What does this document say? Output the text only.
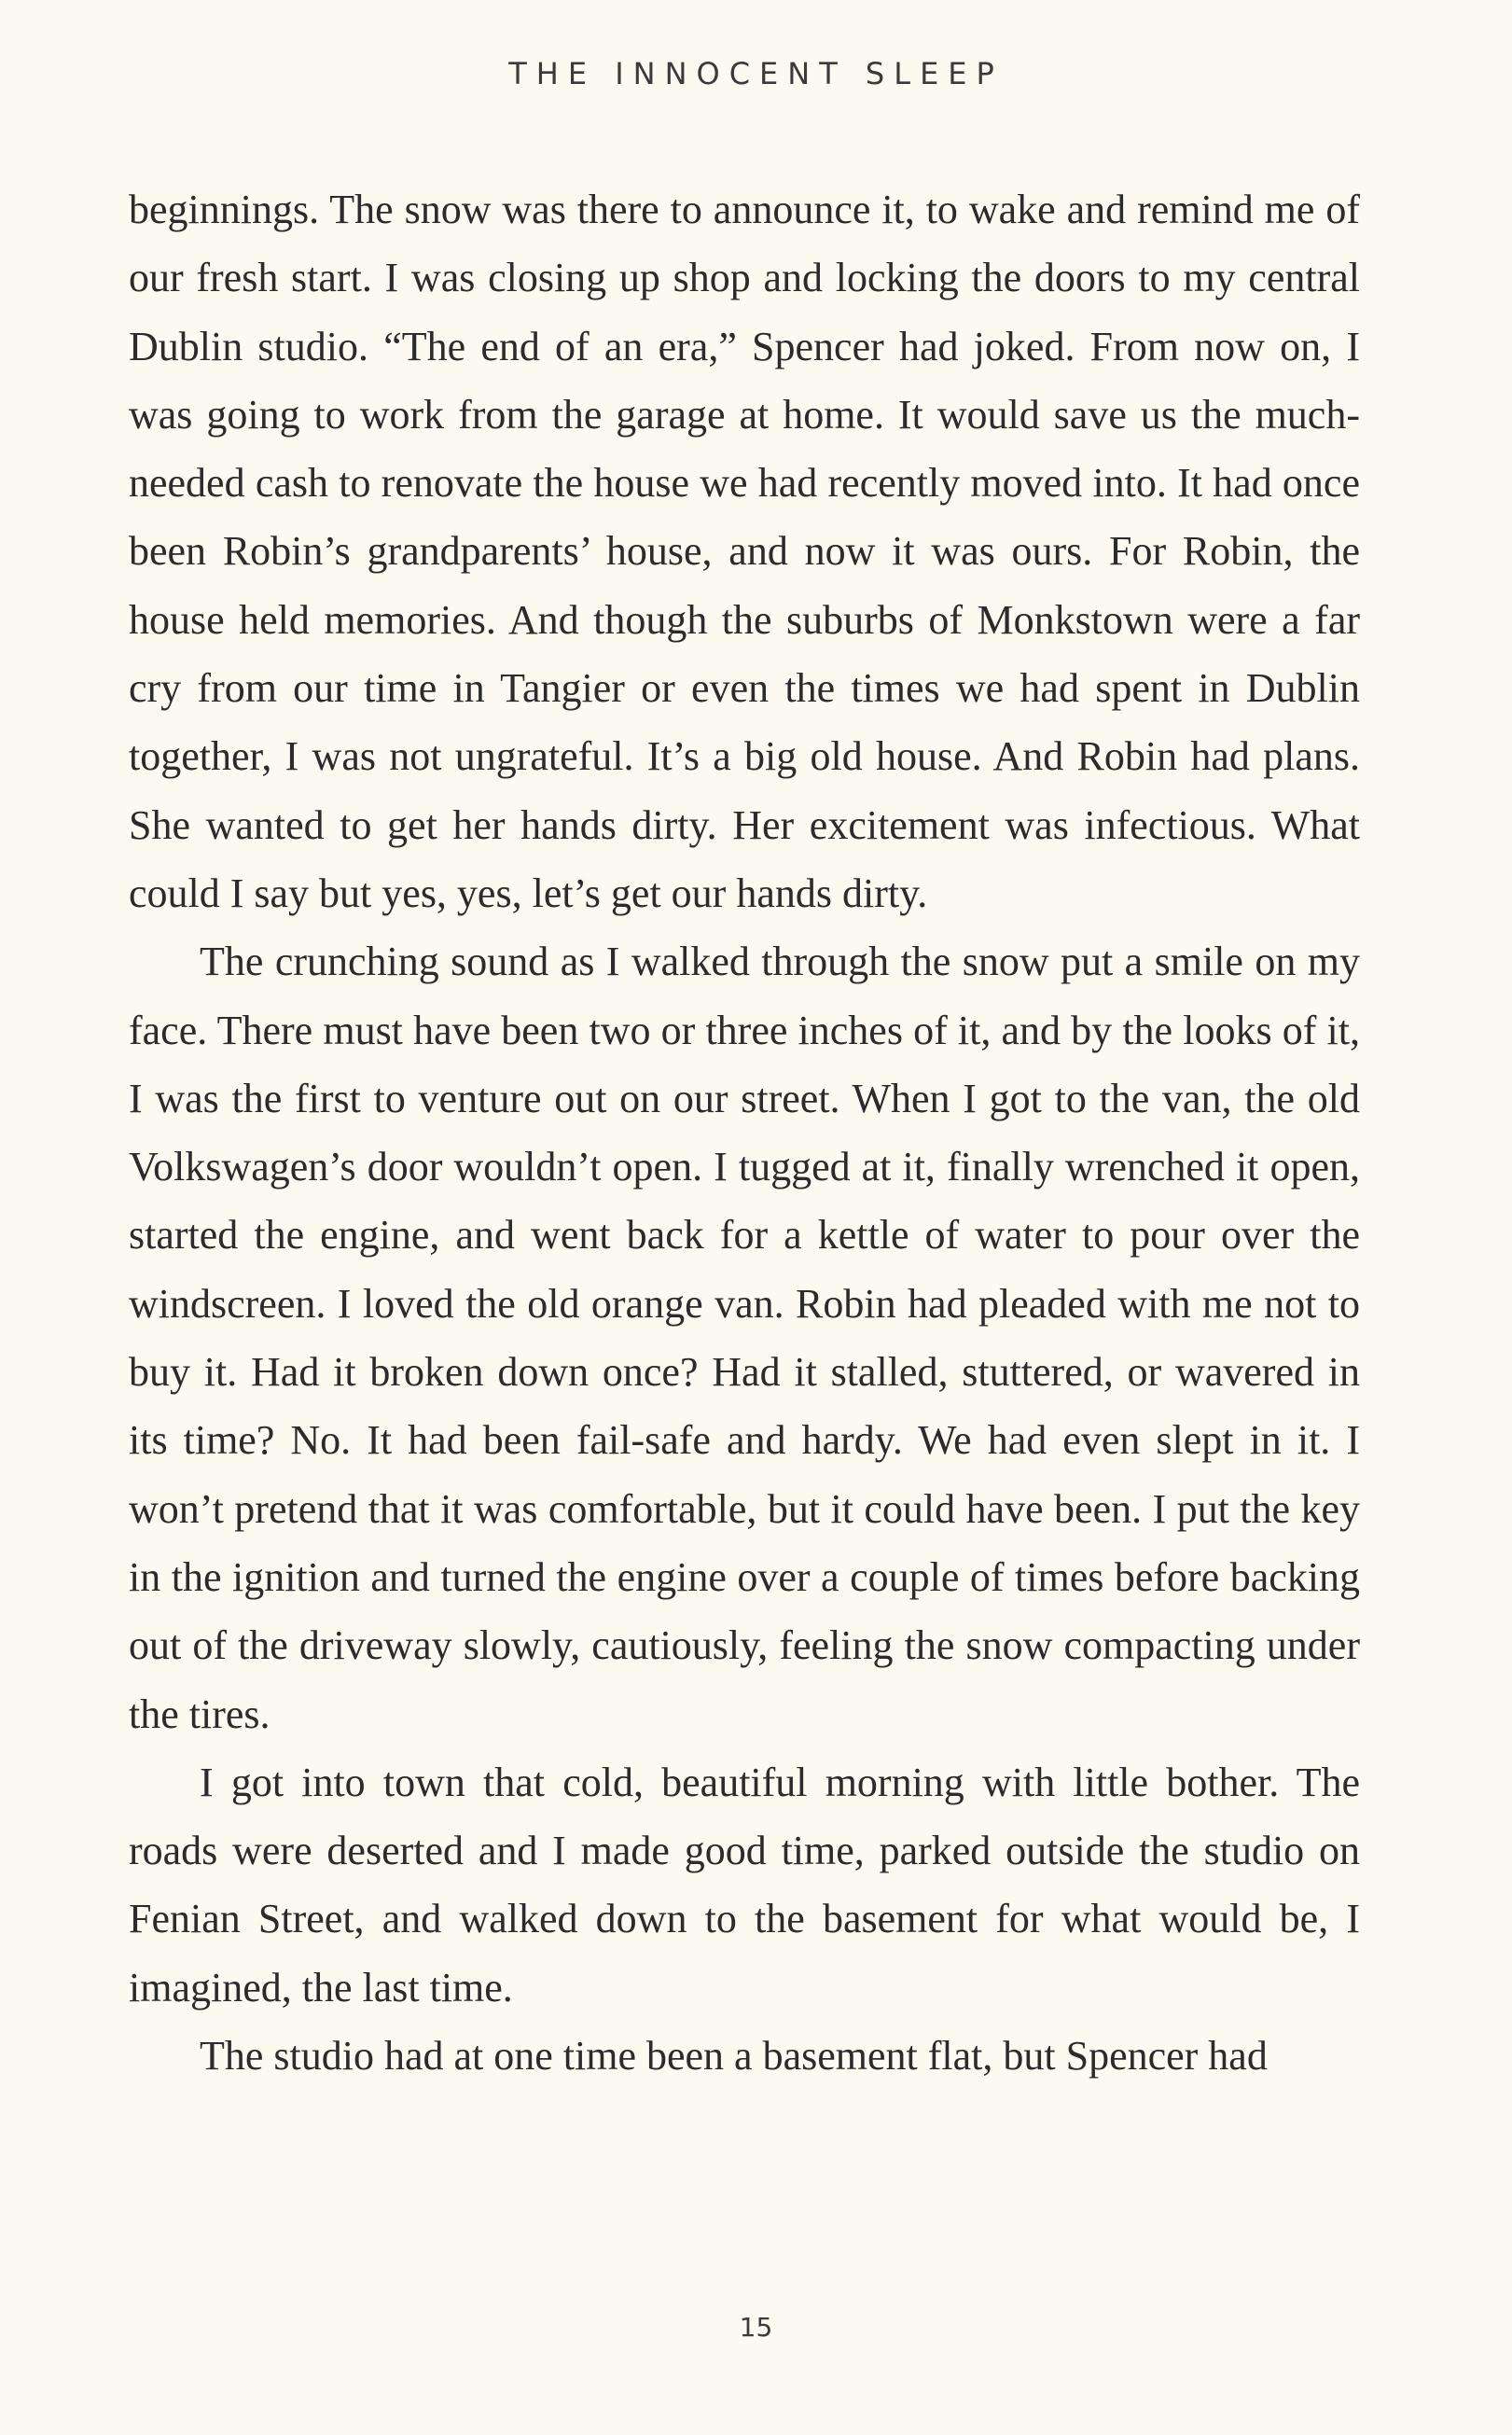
THE INNOCENT SLEEP

beginnings. The snow was there to announce it, to wake and remind me of our fresh start. I was closing up shop and locking the doors to my central Dublin studio. “The end of an era,” Spencer had joked. From now on, I was going to work from the garage at home. It would save us the much-needed cash to renovate the house we had recently moved into. It had once been Robin’s grandparents’ house, and now it was ours. For Robin, the house held memories. And though the suburbs of Monkstown were a far cry from our time in Tangier or even the times we had spent in Dublin together, I was not ungrateful. It’s a big old house. And Robin had plans. She wanted to get her hands dirty. Her excitement was infectious. What could I say but yes, yes, let’s get our hands dirty.

The crunching sound as I walked through the snow put a smile on my face. There must have been two or three inches of it, and by the looks of it, I was the first to venture out on our street. When I got to the van, the old Volkswagen’s door wouldn’t open. I tugged at it, finally wrenched it open, started the engine, and went back for a kettle of water to pour over the windscreen. I loved the old orange van. Robin had pleaded with me not to buy it. Had it broken down once? Had it stalled, stuttered, or wavered in its time? No. It had been fail-safe and hardy. We had even slept in it. I won’t pretend that it was comfortable, but it could have been. I put the key in the ignition and turned the engine over a couple of times before backing out of the driveway slowly, cautiously, feeling the snow compacting under the tires.

I got into town that cold, beautiful morning with little bother. The roads were deserted and I made good time, parked outside the studio on Fenian Street, and walked down to the basement for what would be, I imagined, the last time.

The studio had at one time been a basement flat, but Spencer had

15
